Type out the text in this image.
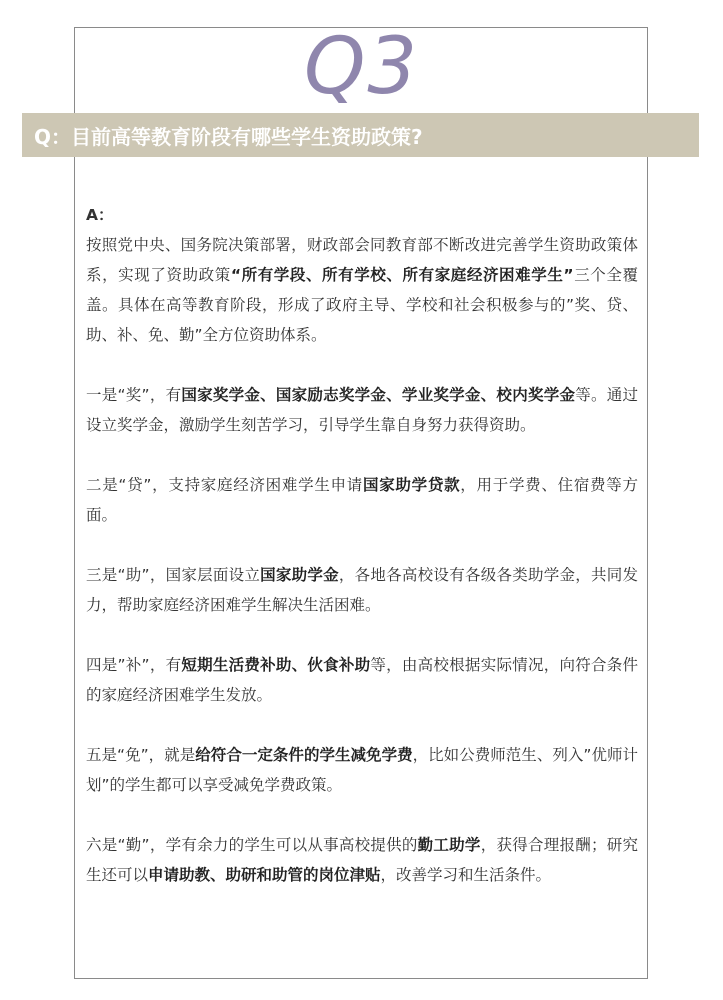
Q3
Q：目前高等教育阶段有哪些学生资助政策?

A：

按照党中央、国务院决策部署，财政部会同教育部不断改进完善学生资助政策体系，实现了资助政策“所有学段、所有学校、所有家庭经济困难学生”三个全覆盖。具体在高等教育阶段，形成了政府主导、学校和社会积极参与的”奖、贷、助、补、免、勤”全方位资助体系。

一是“奖”，有国家奖学金、国家励志奖学金、学业奖学金、校内奖学金等。通过设立奖学金，激励学生刻苦学习，引导学生靠自身努力获得资助。

二是“贷”，支持家庭经济困难学生申请国家助学贷款，用于学费、住宿费等方面。

三是“助”，国家层面设立国家助学金，各地各高校设有各级各类助学金，共同发力，帮助家庭经济困难学生解决生活困难。

四是”补”，有短期生活费补助、伙食补助等，由高校根据实际情况，向符合条件的家庭经济困难学生发放。

五是“免”，就是给符合一定条件的学生减免学费，比如公费师范生、列入”优师计划”的学生都可以享受减免学费政策。

六是“勤”，学有余力的学生可以从事高校提供的勤工助学，获得合理报酬；研究生还可以申请助教、助研和助管的岗位津贴，改善学习和生活条件。
